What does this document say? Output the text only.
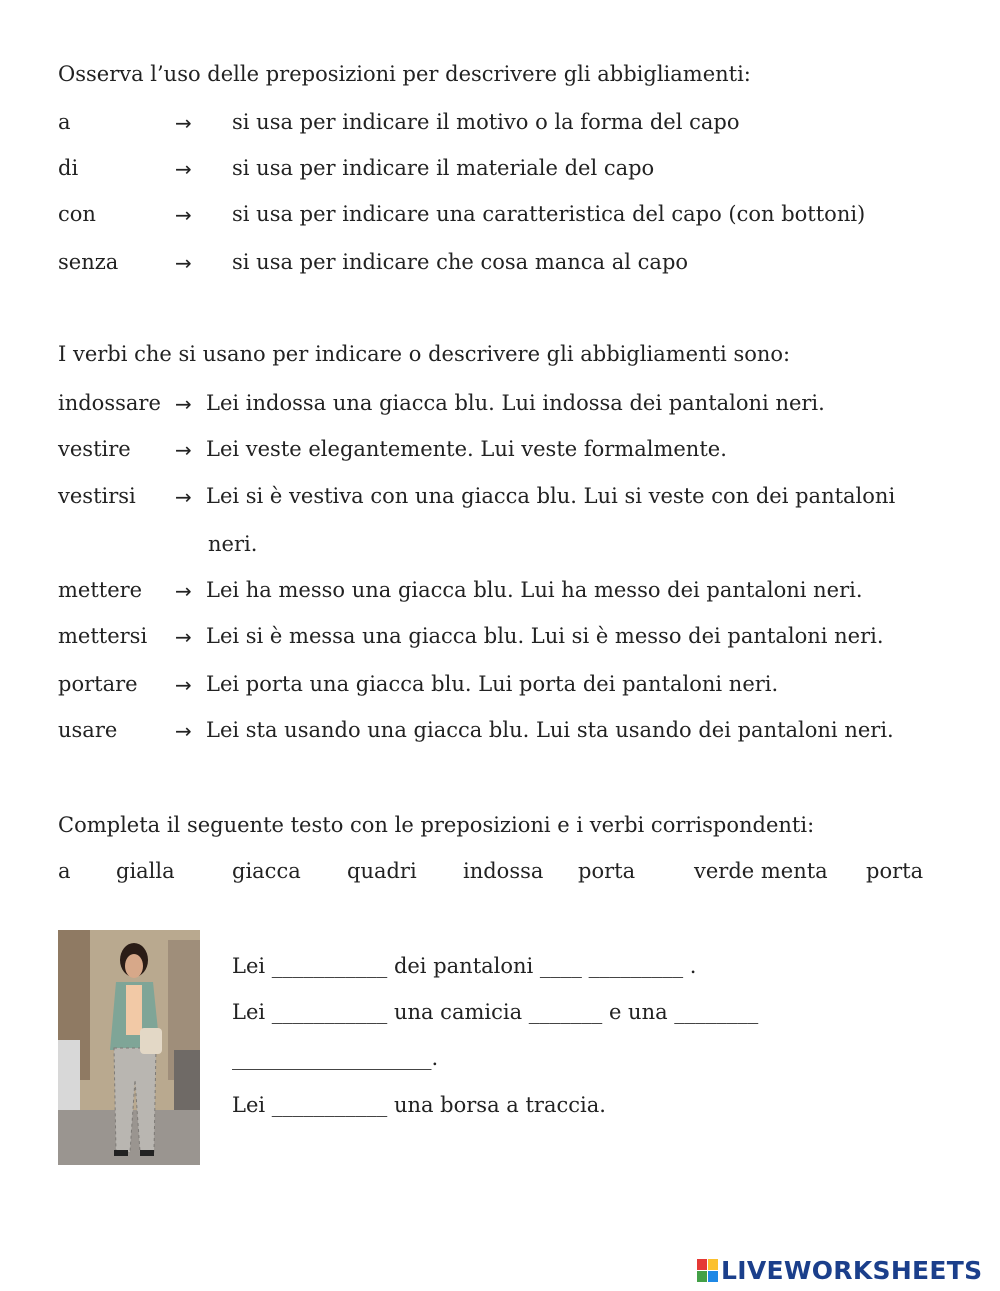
Osserva l’uso delle preposizioni per descrivere gli abbigliamenti:
a	→ si usa per indicare il motivo o la forma del capo
di	→ si usa per indicare il materiale del capo
con	→ si usa per indicare una caratteristica del capo (con bottoni)
senza	→ si usa per indicare che cosa manca al capo
I verbi che si usano per indicare o descrivere gli abbigliamenti sono:
indossare → Lei indossa una giacca blu. Lui indossa dei pantaloni neri.
vestire → Lei veste elegantemente. Lui veste formalmente.
vestirsi → Lei si è vestiva con una giacca blu. Lui si veste con dei pantaloni
neri.
mettere → Lei ha messo una giacca blu. Lui ha messo dei pantaloni neri.
mettersi → Lei si è messa una giacca blu. Lui si è messo dei pantaloni neri.
portare → Lei porta una giacca blu. Lui porta dei pantaloni neri.
usare	→ Lei sta usando una giacca blu. Lui sta usando dei pantaloni neri.
Completa il seguente testo con le preposizioni e i verbi corrispondenti:
a gialla	giacca quadri indossa porta	verde menta porta
Lei ___________ dei pantaloni ____ _________ .
Lei ___________ una camicia _______ e una ________
___________________.
Lei ___________ una borsa a traccia.
LIVEWORKSHEETS
